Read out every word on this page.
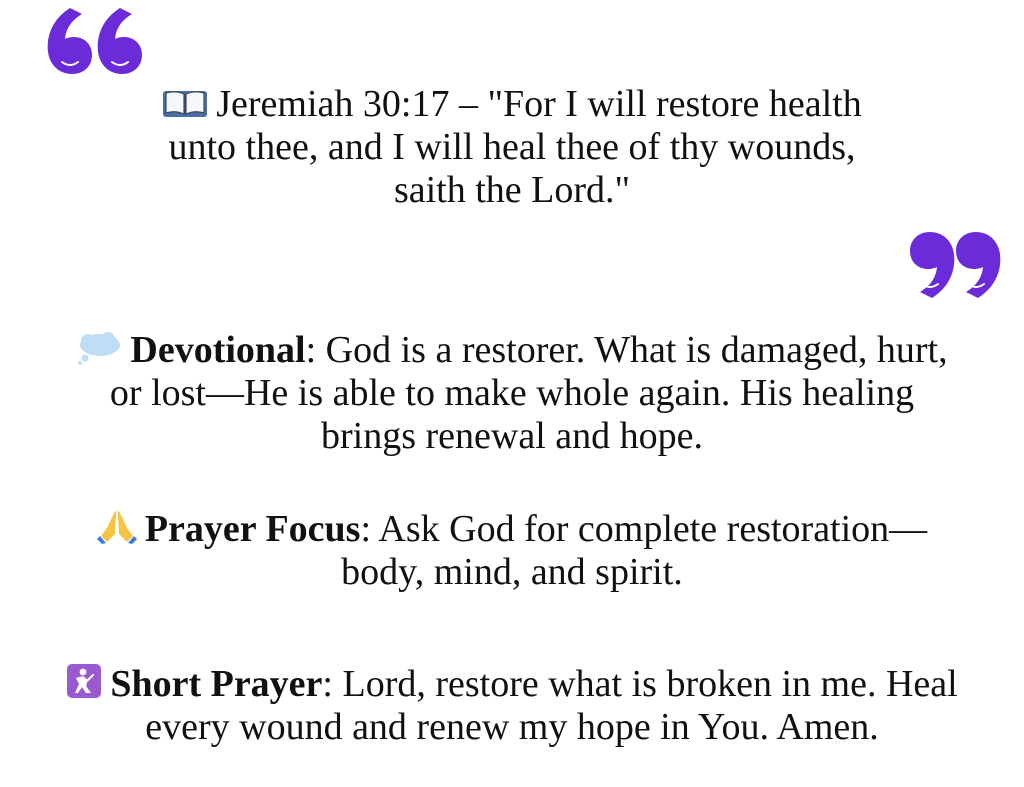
Jeremiah 30:17 – "For I will restore health
unto thee, and I will heal thee of thy wounds,
saith the Lord."
Devotional: God is a restorer. What is damaged, hurt,
or lost—He is able to make whole again. His healing
brings renewal and hope.
Prayer Focus: Ask God for complete restoration—
body, mind, and spirit.
Short Prayer: Lord, restore what is broken in me. Heal
every wound and renew my hope in You. Amen.
